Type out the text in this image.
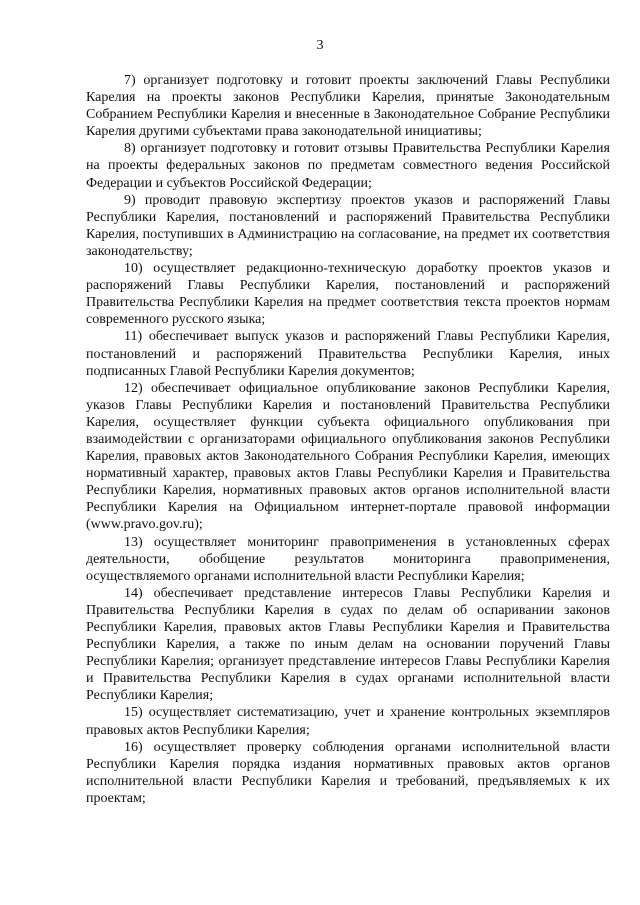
3

7) организует подготовку и готовит проекты заключений Главы Республики Карелия на проекты законов Республики Карелия, принятые Законодательным Собранием Республики Карелия и внесенные в Законодательное Собрание Республики Карелия другими субъектами права законодательной инициативы;

8) организует подготовку и готовит отзывы Правительства Республики Карелия на проекты федеральных законов по предметам совместного ведения Российской Федерации и субъектов Российской Федерации;

9) проводит правовую экспертизу проектов указов и распоряжений Главы Республики Карелия, постановлений и распоряжений Правительства Республики Карелия, поступивших в Администрацию на согласование, на предмет их соответствия законодательству;

10) осуществляет редакционно-техническую доработку проектов указов и распоряжений Главы Республики Карелия, постановлений и распоряжений Правительства Республики Карелия на предмет соответствия текста проектов нормам современного русского языка;

11) обеспечивает выпуск указов и распоряжений Главы Республики Карелия, постановлений и распоряжений Правительства Республики Карелия, иных подписанных Главой Республики Карелия документов;

12) обеспечивает официальное опубликование законов Республики Карелия, указов Главы Республики Карелия и постановлений Правительства Республики Карелия, осуществляет функции субъекта официального опубликования при взаимодействии с организаторами официального опубликования законов Республики Карелия, правовых актов Законодательного Собрания Республики Карелия, имеющих нормативный характер, правовых актов Главы Республики Карелия и Правительства Республики Карелия, нормативных правовых актов органов исполнительной власти Республики Карелия на Официальном интернет-портале правовой информации (www.pravo.gov.ru);

13) осуществляет мониторинг правоприменения в установленных сферах деятельности, обобщение результатов мониторинга правоприменения, осуществляемого органами исполнительной власти Республики Карелия;

14) обеспечивает представление интересов Главы Республики Карелия и Правительства Республики Карелия в судах по делам об оспаривании законов Республики Карелия, правовых актов Главы Республики Карелия и Правительства Республики Карелия, а также по иным делам на основании поручений Главы Республики Карелия; организует представление интересов Главы Республики Карелия и Правительства Республики Карелия в судах органами исполнительной власти Республики Карелия;

15) осуществляет систематизацию, учет и хранение контрольных экземпляров правовых актов Республики Карелия;

16) осуществляет проверку соблюдения органами исполнительной власти Республики Карелия порядка издания нормативных правовых актов органов исполнительной власти Республики Карелия и требований, предъявляемых к их проектам;
